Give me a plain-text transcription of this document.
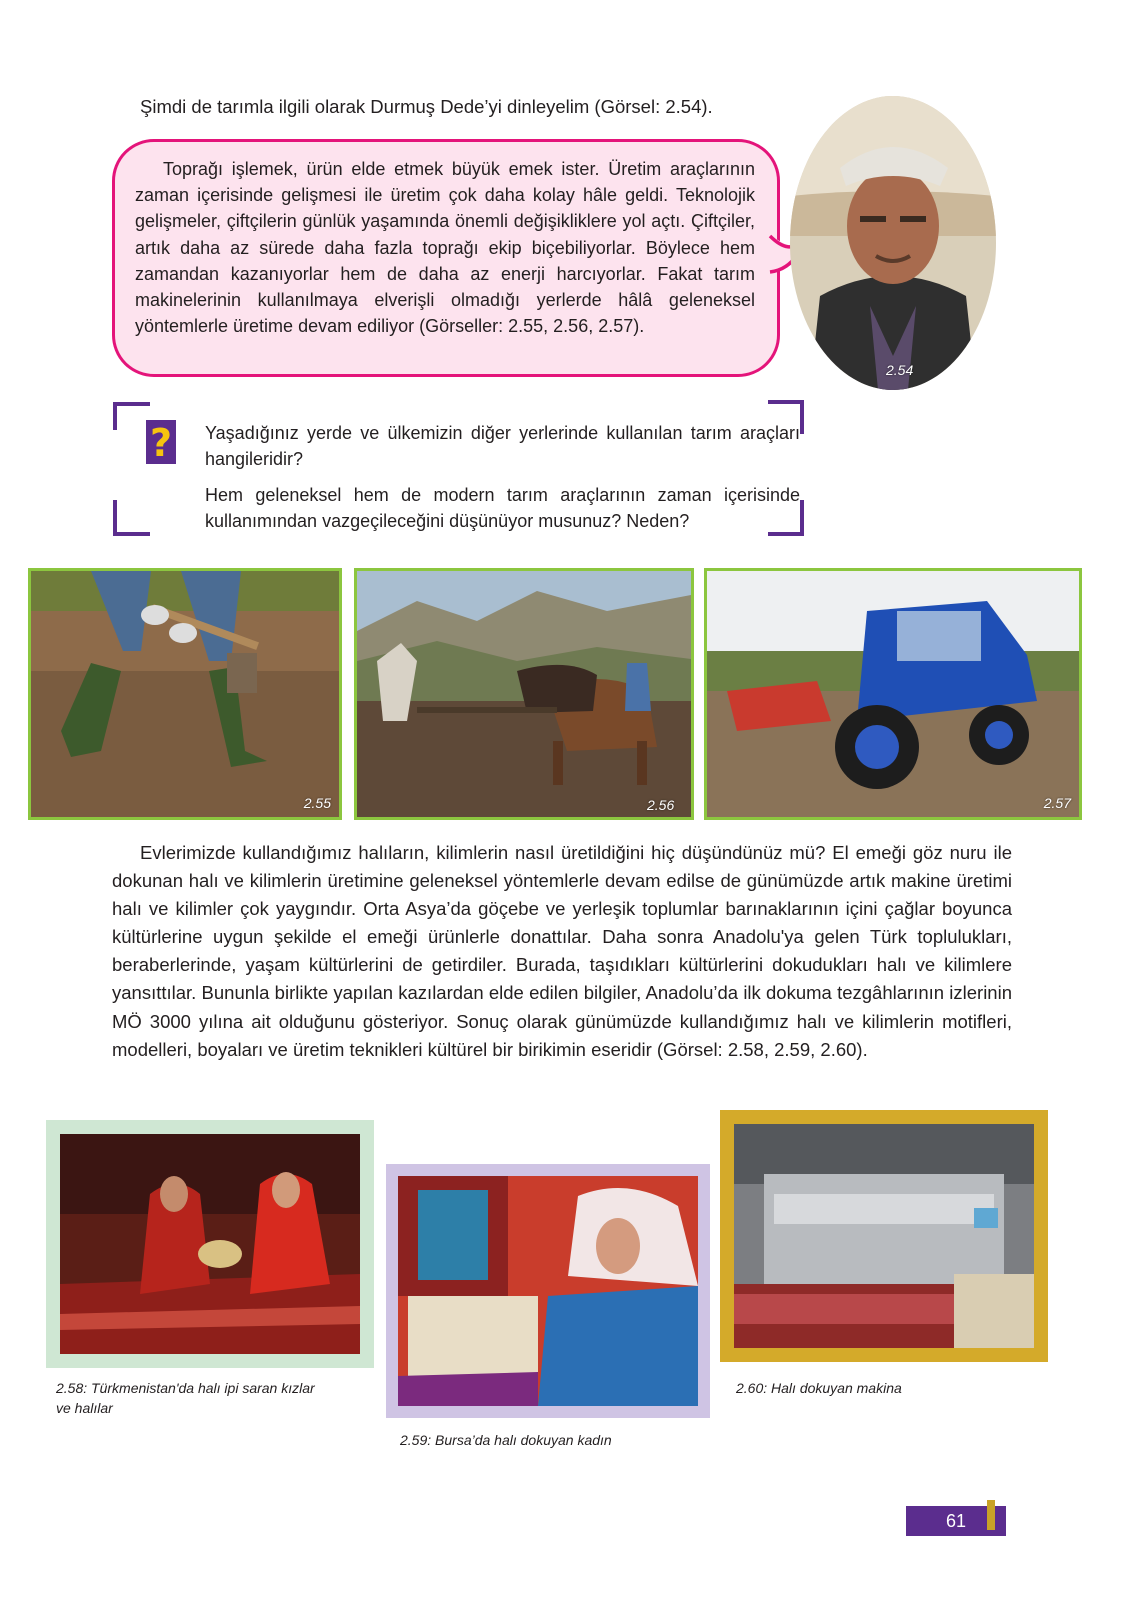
Şimdi de tarımla ilgili olarak Durmuş Dede’yi dinleyelim (Görsel: 2.54).

Toprağı işlemek, ürün elde etmek büyük emek ister. Üretim araçlarının zaman içerisinde gelişmesi ile üretim çok daha kolay hâle geldi. Teknolojik gelişmeler, çiftçilerin günlük yaşamında önemli değişikliklere yol açtı. Çiftçiler, artık daha az sürede daha fazla toprağı ekip biçebiliyorlar. Böylece hem zamandan kazanıyorlar hem de daha az enerji harcıyorlar. Fakat tarım makinelerinin kullanılmaya elverişli olmadığı yerlerde hâlâ geleneksel yöntemlerle üretime devam ediliyor (Görseller: 2.55, 2.56, 2.57).

2.54
? Yaşadığınız yerde ve ülkemizin diğer yerlerinde kullanılan tarım araçları hangileridir?

Hem geleneksel hem de modern tarım araçlarının zaman içerisinde kullanımından vazgeçileceğini düşünüyor musunuz? Neden?

2.55	2.56	2.57

Evlerimizde kullandığımız halıların, kilimlerin nasıl üretildiğini hiç düşündünüz mü? El emeği göz nuru ile dokunan halı ve kilimlerin üretimine geleneksel yöntemlerle devam edilse de günümüzde artık makine üretimi halı ve kilimler çok yaygındır. Orta Asya’da göçebe ve yerleşik toplumlar barınaklarının içini çağlar boyunca kültürlerine uygun şekilde el emeği ürünlerle donattılar. Daha sonra Anadolu'ya gelen Türk toplulukları, beraberlerinde, yaşam kültürlerini de getirdiler. Burada, taşıdıkları kültürlerini dokudukları halı ve kilimlere yansıttılar. Bununla birlikte yapılan kazılardan elde edilen bilgiler, Anadolu’da ilk dokuma tezgâhlarının izlerinin MÖ 3000 yılına ait olduğunu gösteriyor. Sonuç olarak günümüzde kullandığımız halı ve kilimlerin motifleri, modelleri, boyaları ve üretim teknikleri kültürel bir birikimin eseridir (Görsel: 2.58, 2.59, 2.60).

2.58: Türkmenistan'da halı ipi saran kızlar
ve halılar
2.59: Bursa’da halı dokuyan kadın
2.60: Halı dokuyan makina
61
